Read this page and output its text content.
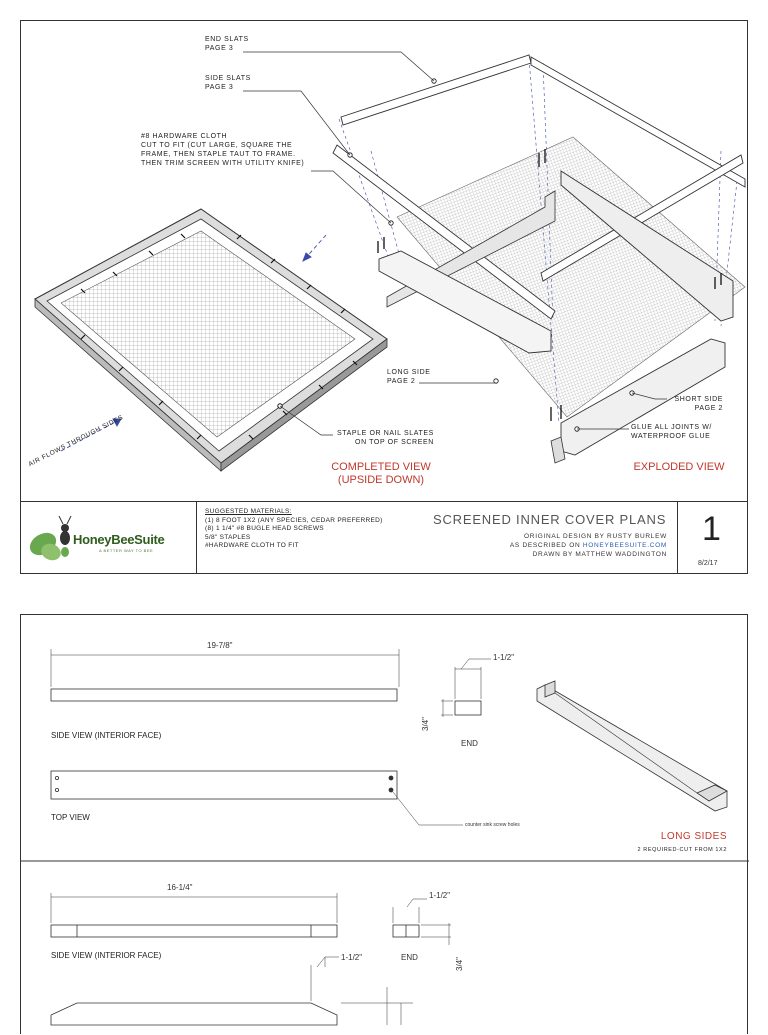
END SLATS
PAGE 3
SIDE SLATS
PAGE 3
#8 HARDWARE CLOTH
CUT TO FIT (CUT LARGE, SQUARE THE
FRAME, THEN STAPLE TAUT TO FRAME.
THEN TRIM SCREEN WITH UTILITY KNIFE)
LONG SIDE
PAGE 2
SHORT SIDE
PAGE 2
GLUE ALL JOINTS W/
WATERPROOF GLUE
STAPLE OR NAIL SLATES
ON TOP OF SCREEN
AIR FLOWS THROUGH SIDES	COMPLETED VIEW
(UPSIDE DOWN)
EXPLODED VIEW
HoneyBeeSuite
A BETTER WAY TO BEE
SUGGESTED MATERIALS:
(1) 8 FOOT 1X2 (ANY SPECIES, CEDAR PREFERRED)
(8) 1 1/4" #8 BUGLE HEAD SCREWS
5/8" STAPLES
#HARDWARE CLOTH TO FIT
SCREENED INNER COVER PLANS
ORIGINAL DESIGN BY RUSTY BURLEW
AS DESCRIBED ON HONEYBEESUITE.COM
DRAWN BY MATTHEW WADDINGTON
1
8/2/17
19-7/8"
1-1/2"
3/4"
END
SIDE VIEW (INTERIOR FACE)
TOP VIEW
counter sink screw holes
LONG SIDES
2 REQUIRED-CUT FROM 1X2
16-1/4"
1-1/2"
3/4"
END
SIDE VIEW (INTERIOR FACE)	1-1/2"
